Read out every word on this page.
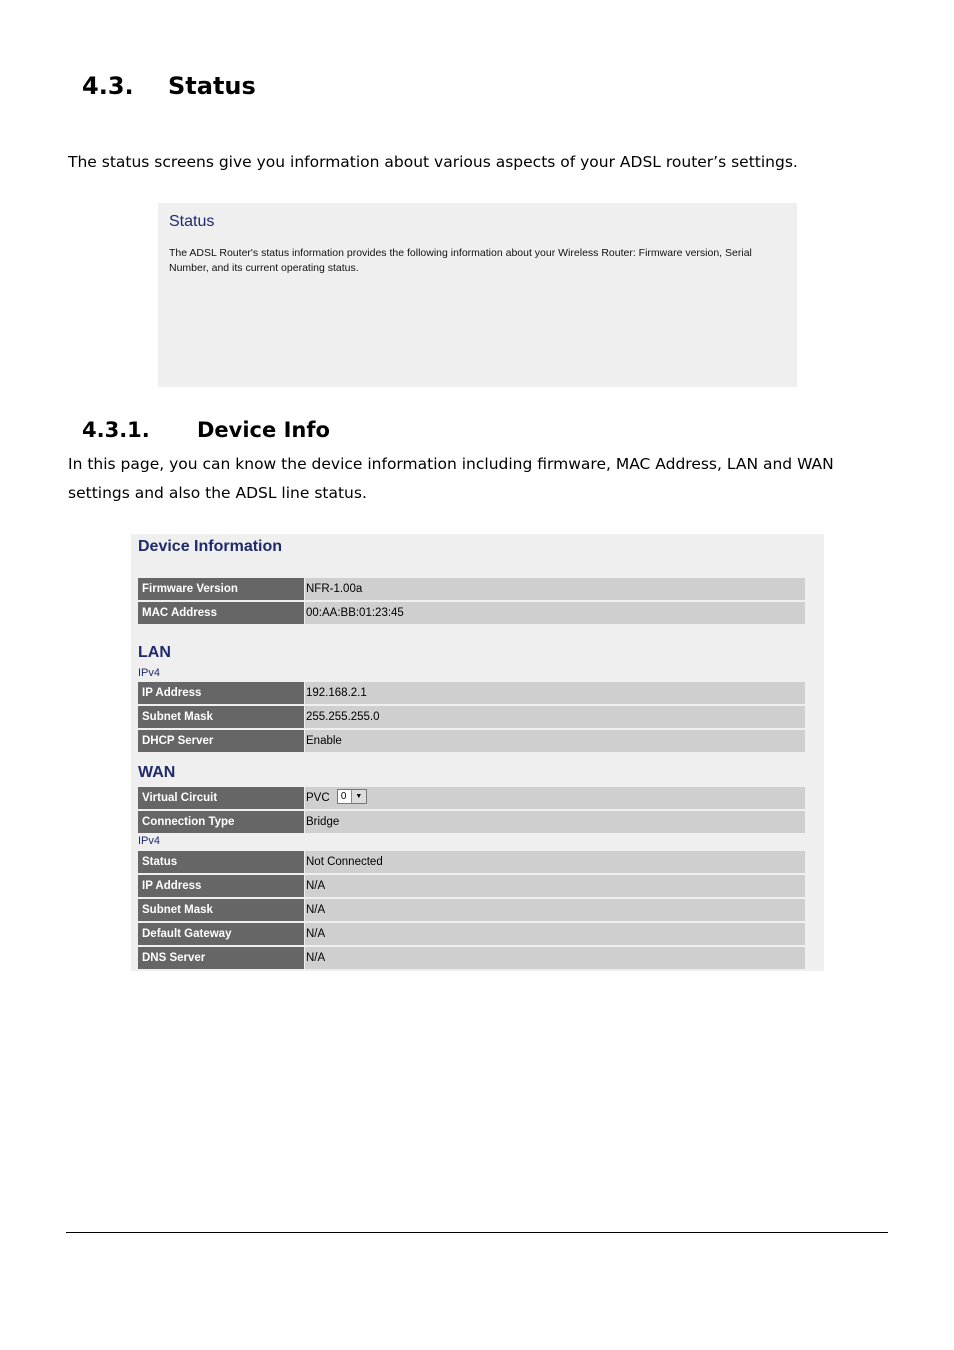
4.3. Status
The status screens give you information about various aspects of your ADSL router’s settings.
Status
The ADSL Router's status information provides the following information about your Wireless Router: Firmware version, Serial Number, and its current operating status.
4.3.1. Device Info
In this page, you can know the device information including firmware, MAC Address, LAN and WAN settings and also the ADSL line status.
Device Information
Firmware Version	NFR-1.00a
MAC Address	00:AA:BB:01:23:45
LAN
IPv4
IP Address	192.168.2.1
Subnet Mask	255.255.255.0
DHCP Server	Enable
WAN
Virtual Circuit	PVC 0	▼
Connection Type	Bridge
IPv4
Status	Not Connected
IP Address	N/A
Subnet Mask	N/A
Default Gateway	N/A
DNS Server	N/A
